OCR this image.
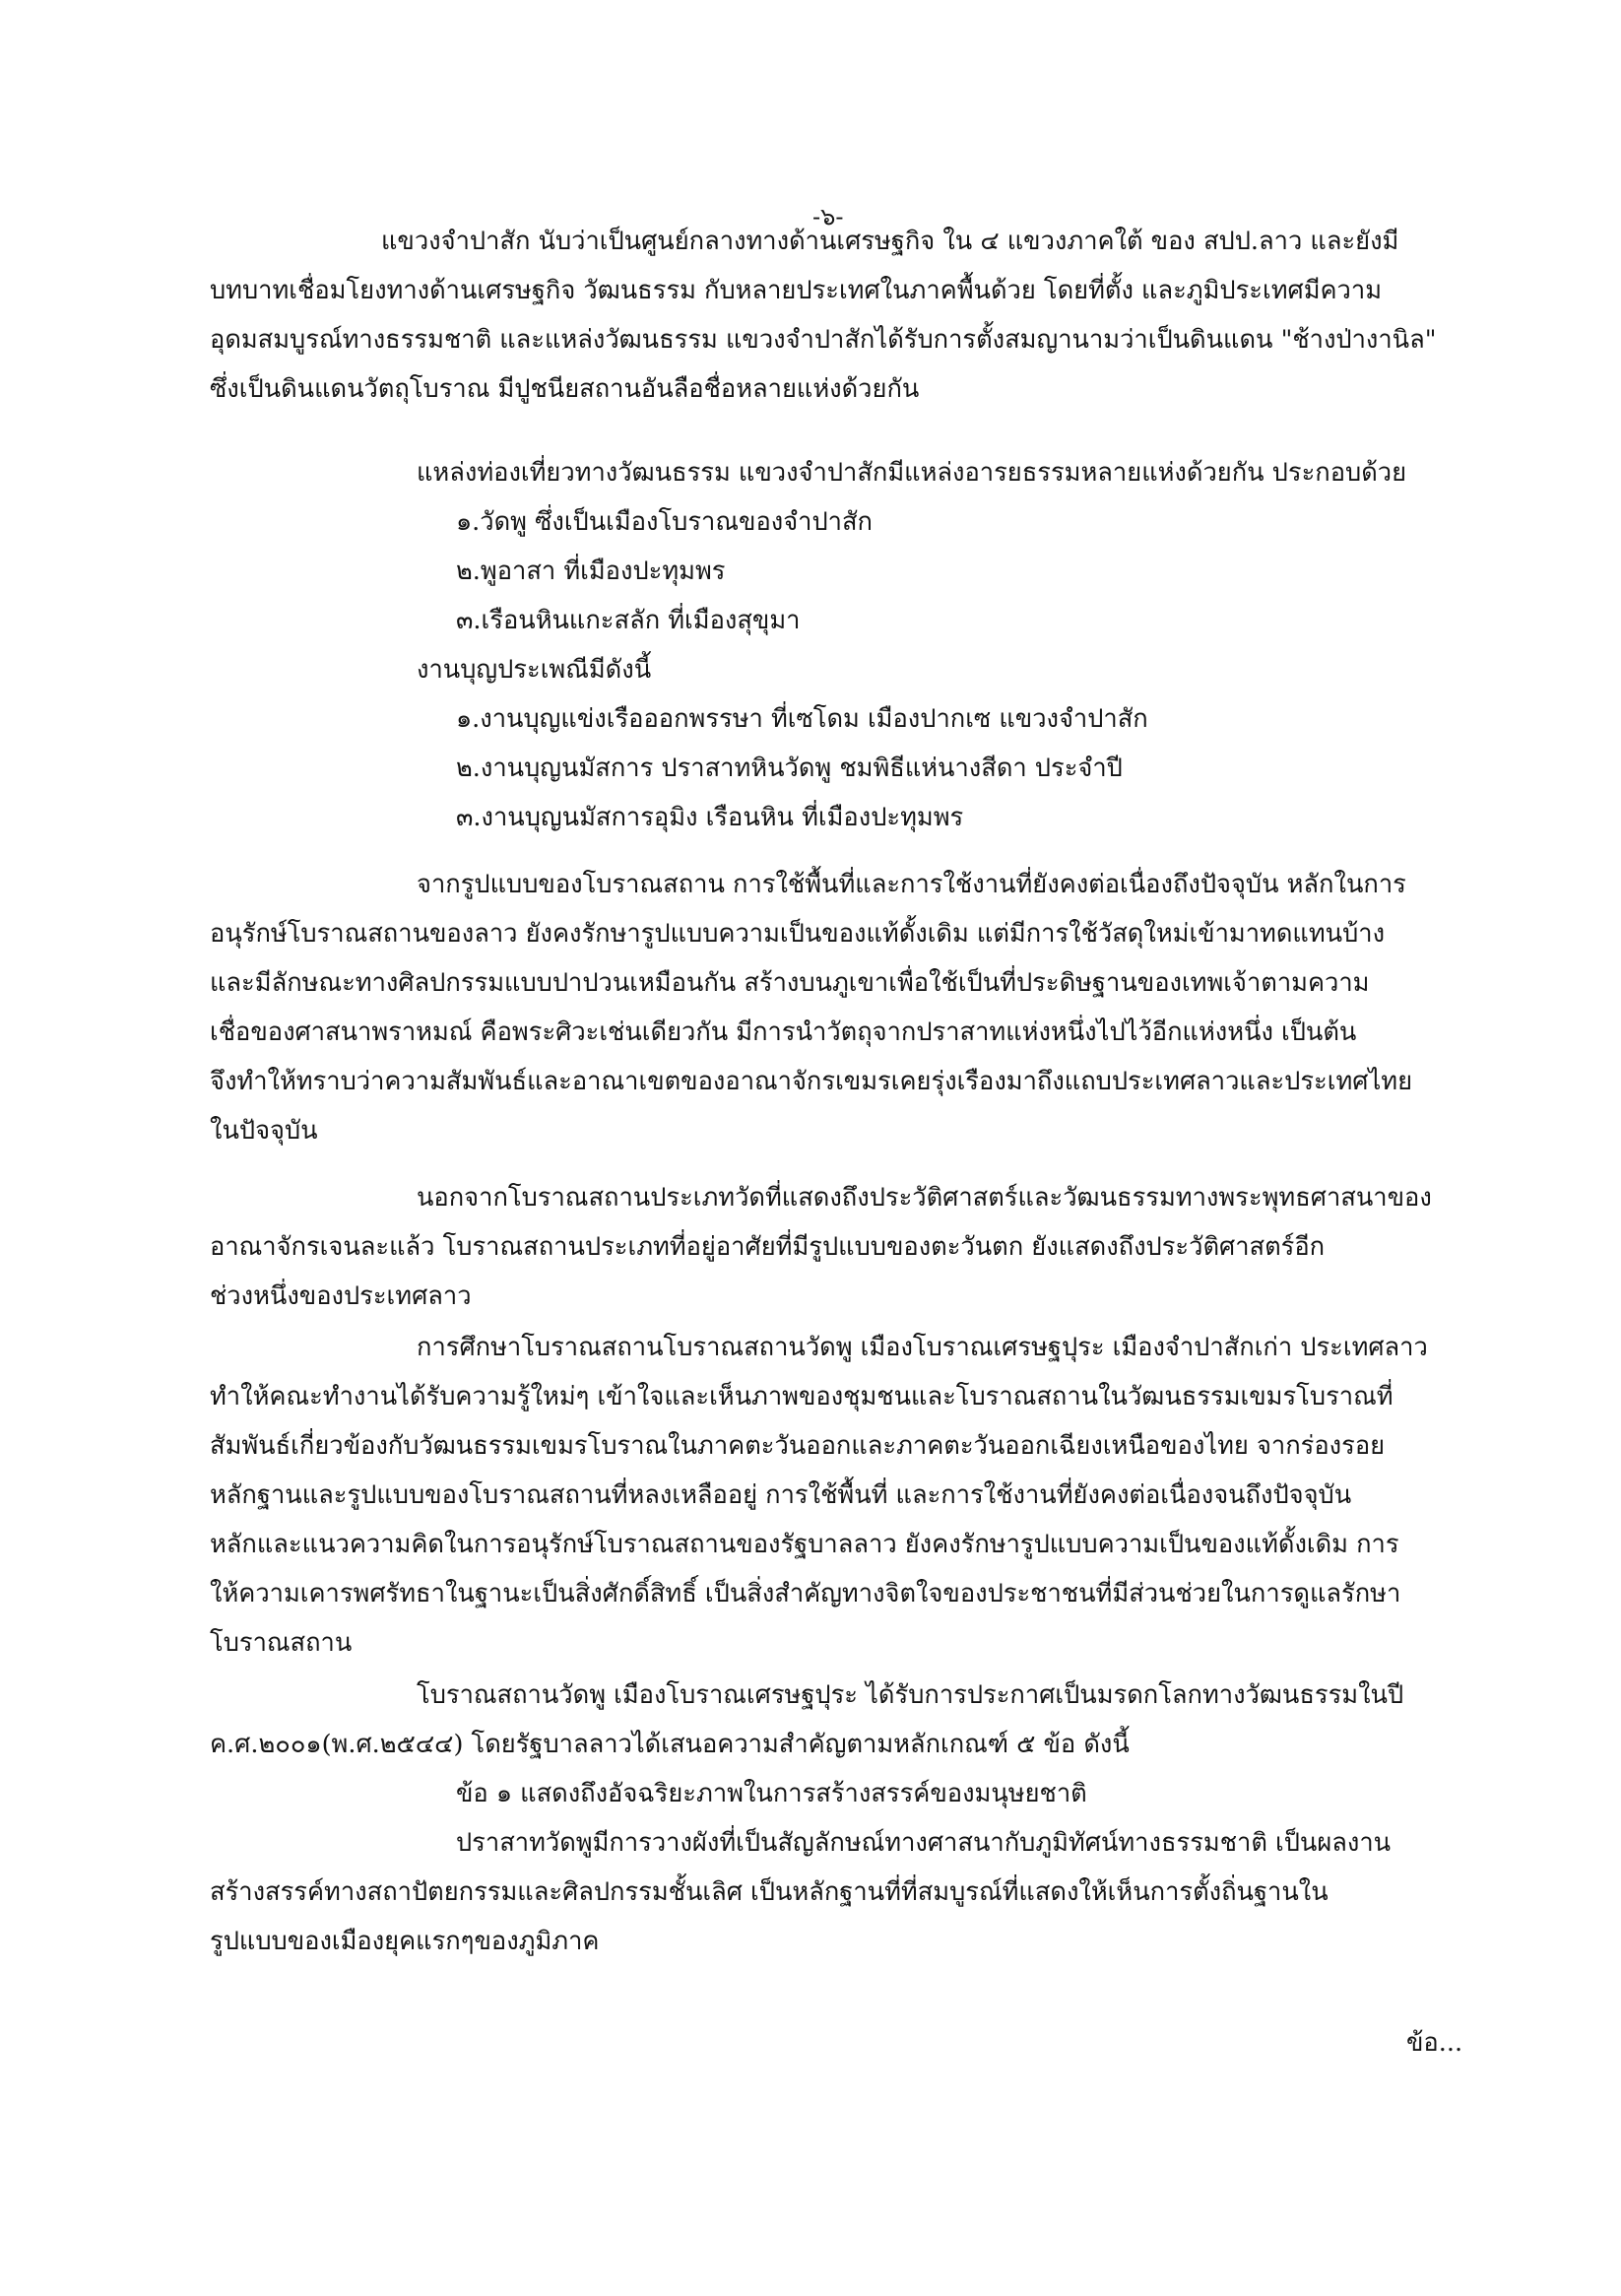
-๖-

แขวงจำปาสัก นับว่าเป็นศูนย์กลางทางด้านเศรษฐกิจ ใน ๔ แขวงภาคใต้ ของ สปป.ลาว และยังมี

บทบาทเชื่อมโยงทางด้านเศรษฐกิจ วัฒนธรรม กับหลายประเทศในภาคพื้นด้วย โดยที่ตั้ง และภูมิประเทศมีความ

อุดมสมบูรณ์ทางธรรมชาติ และแหล่งวัฒนธรรม แขวงจำปาสักได้รับการตั้งสมญานามว่าเป็นดินแดน "ช้างป่างานิล"

ซึ่งเป็นดินแดนวัตถุโบราณ มีปูชนียสถานอันลือชื่อหลายแห่งด้วยกัน

แหล่งท่องเที่ยวทางวัฒนธรรม แขวงจำปาสักมีแหล่งอารยธรรมหลายแห่งด้วยกัน ประกอบด้วย

๑.วัดพู ซึ่งเป็นเมืองโบราณของจำปาสัก

๒.พูอาสา ที่เมืองปะทุมพร

๓.เรือนหินแกะสลัก ที่เมืองสุขุมา

งานบุญประเพณีมีดังนี้

๑.งานบุญแข่งเรือออกพรรษา ที่เซโดม เมืองปากเซ แขวงจำปาสัก

๒.งานบุญนมัสการ ปราสาทหินวัดพู ชมพิธีแห่นางสีดา ประจำปี

๓.งานบุญนมัสการอุมิง เรือนหิน ที่เมืองปะทุมพร

จากรูปแบบของโบราณสถาน การใช้พื้นที่และการใช้งานที่ยังคงต่อเนื่องถึงปัจจุบัน หลักในการ

อนุรักษ์โบราณสถานของลาว ยังคงรักษารูปแบบความเป็นของแท้ดั้งเดิม แต่มีการใช้วัสดุใหม่เข้ามาทดแทนบ้าง

และมีลักษณะทางศิลปกรรมแบบปาปวนเหมือนกัน สร้างบนภูเขาเพื่อใช้เป็นที่ประดิษฐานของเทพเจ้าตามความ

เชื่อของศาสนาพราหมณ์ คือพระศิวะเช่นเดียวกัน มีการนำวัตถุจากปราสาทแห่งหนึ่งไปไว้อีกแห่งหนึ่ง เป็นต้น

จึงทำให้ทราบว่าความสัมพันธ์และอาณาเขตของอาณาจักรเขมรเคยรุ่งเรืองมาถึงแถบประเทศลาวและประเทศไทย

ในปัจจุบัน

นอกจากโบราณสถานประเภทวัดที่แสดงถึงประวัติศาสตร์และวัฒนธรรมทางพระพุทธศาสนาของ

อาณาจักรเจนละแล้ว โบราณสถานประเภทที่อยู่อาศัยที่มีรูปแบบของตะวันตก ยังแสดงถึงประวัติศาสตร์อีก

ช่วงหนึ่งของประเทศลาว

การศึกษาโบราณสถานโบราณสถานวัดพู เมืองโบราณเศรษฐปุระ เมืองจำปาสักเก่า ประเทศลาว

ทำให้คณะทำงานได้รับความรู้ใหม่ๆ เข้าใจและเห็นภาพของชุมชนและโบราณสถานในวัฒนธรรมเขมรโบราณที่

สัมพันธ์เกี่ยวข้องกับวัฒนธรรมเขมรโบราณในภาคตะวันออกและภาคตะวันออกเฉียงเหนือของไทย จากร่องรอย

หลักฐานและรูปแบบของโบราณสถานที่หลงเหลืออยู่ การใช้พื้นที่ และการใช้งานที่ยังคงต่อเนื่องจนถึงปัจจุบัน

หลักและแนวความคิดในการอนุรักษ์โบราณสถานของรัฐบาลลาว ยังคงรักษารูปแบบความเป็นของแท้ดั้งเดิม การ

ให้ความเคารพศรัทธาในฐานะเป็นสิ่งศักดิ์สิทธิ์ เป็นสิ่งสำคัญทางจิตใจของประชาชนที่มีส่วนช่วยในการดูแลรักษา

โบราณสถาน

โบราณสถานวัดพู เมืองโบราณเศรษฐปุระ ได้รับการประกาศเป็นมรดกโลกทางวัฒนธรรมในปี

ค.ศ.๒๐๐๑(พ.ศ.๒๕๔๔) โดยรัฐบาลลาวได้เสนอความสำคัญตามหลักเกณฑ์ ๕ ข้อ ดังนี้

ข้อ ๑ แสดงถึงอัจฉริยะภาพในการสร้างสรรค์ของมนุษยชาติ

ปราสาทวัดพูมีการวางผังที่เป็นสัญลักษณ์ทางศาสนากับภูมิทัศน์ทางธรรมชาติ เป็นผลงาน

สร้างสรรค์ทางสถาปัตยกรรมและศิลปกรรมชั้นเลิศ เป็นหลักฐานที่ที่สมบูรณ์ที่แสดงให้เห็นการตั้งถิ่นฐานใน

รูปแบบของเมืองยุคแรกๆของภูมิภาค

ข้อ...
